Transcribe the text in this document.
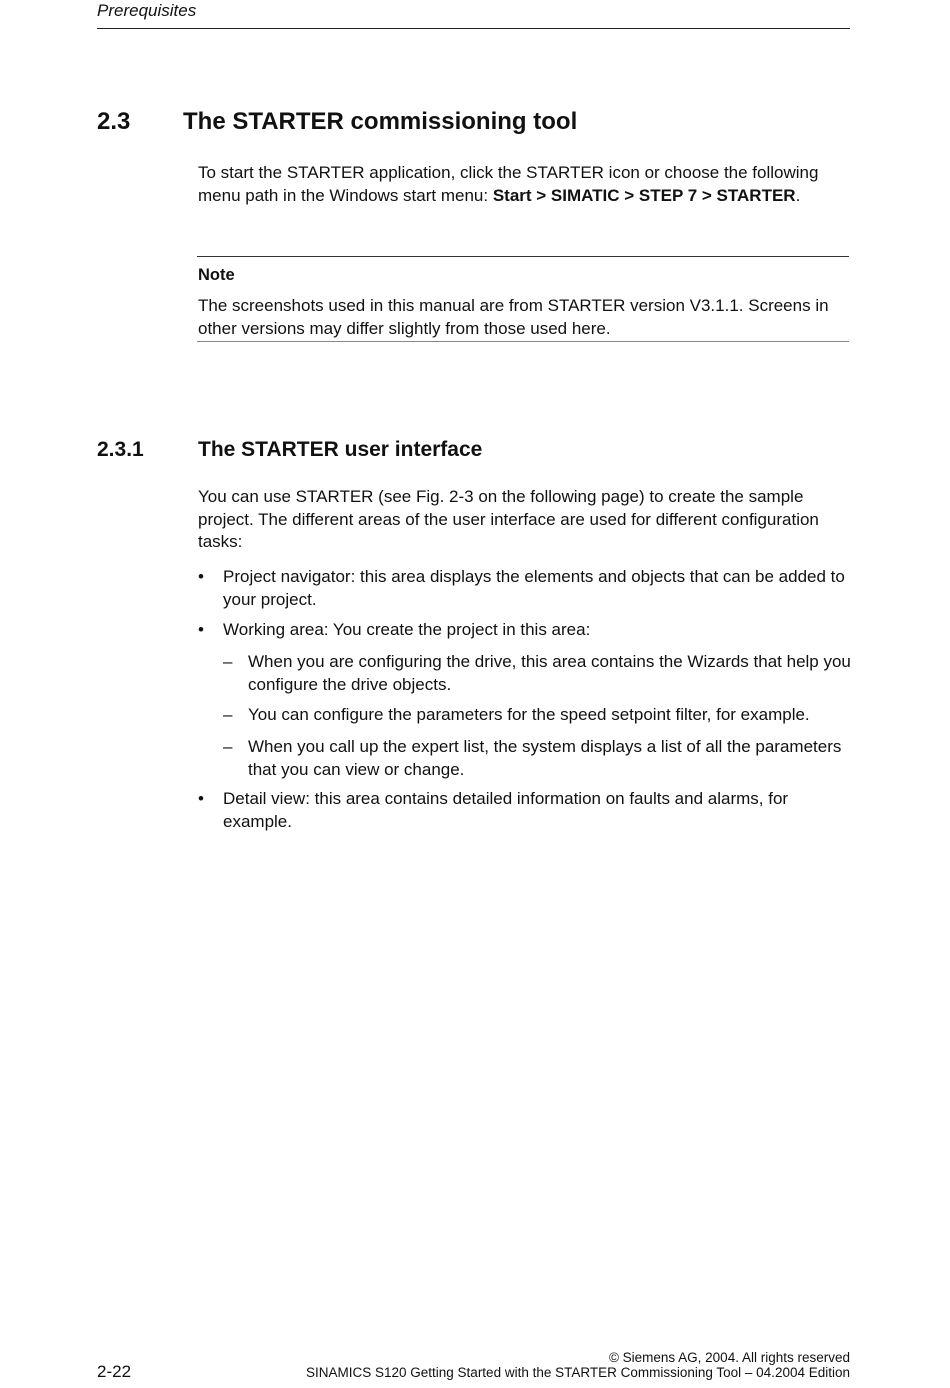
Prerequisites
2.3 The STARTER commissioning tool
To start the STARTER application, click the STARTER icon or choose the following menu path in the Windows start menu: Start > SIMATIC > STEP 7 > STARTER.
Note
The screenshots used in this manual are from STARTER version V3.1.1. Screens in other versions may differ slightly from those used here.
2.3.1	The STARTER user interface
You can use STARTER (see Fig. 2-3 on the following page) to create the sample project. The different areas of the user interface are used for different configuration tasks:
• Project navigator: this area displays the elements and objects that can be added to your project.
• Working area: You create the project in this area:
– When you are configuring the drive, this area contains the Wizards that help you configure the drive objects.
– You can configure the parameters for the speed setpoint filter, for example.
– When you call up the expert list, the system displays a list of all the parameters that you can view or change.
• Detail view: this area contains detailed information on faults and alarms, for example.
© Siemens AG, 2004. All rights reserved
2-22	SINAMICS S120 Getting Started with the STARTER Commissioning Tool – 04.2004 Edition
